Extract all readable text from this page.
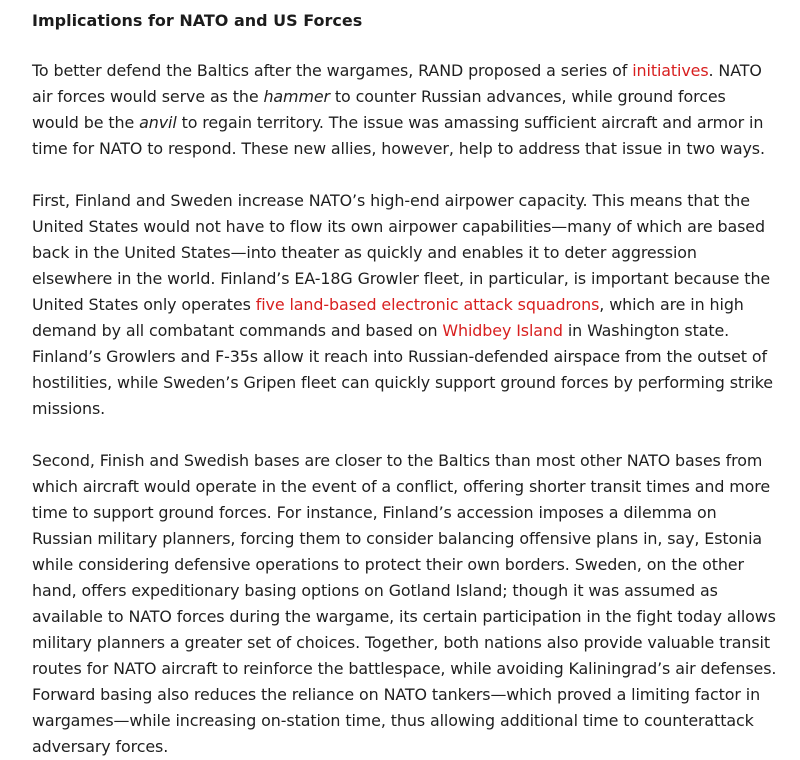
Implications for NATO and US Forces

To better defend the Baltics after the wargames, RAND proposed a series of initiatives. NATO air forces would serve as the hammer to counter Russian advances, while ground forces would be the anvil to regain territory. The issue was amassing sufficient aircraft and armor in time for NATO to respond. These new allies, however, help to address that issue in two ways.

First, Finland and Sweden increase NATO’s high-end airpower capacity. This means that the United States would not have to flow its own airpower capabilities—many of which are based back in the United States—into theater as quickly and enables it to deter aggression elsewhere in the world. Finland’s EA-18G Growler fleet, in particular, is important because the United States only operates five land-based electronic attack squadrons, which are in high demand by all combatant commands and based on Whidbey Island in Washington state. Finland’s Growlers and F-35s allow it reach into Russian-defended airspace from the outset of hostilities, while Sweden’s Gripen fleet can quickly support ground forces by performing strike missions.

Second, Finish and Swedish bases are closer to the Baltics than most other NATO bases from which aircraft would operate in the event of a conflict, offering shorter transit times and more time to support ground forces. For instance, Finland’s accession imposes a dilemma on Russian military planners, forcing them to consider balancing offensive plans in, say, Estonia while considering defensive operations to protect their own borders. Sweden, on the other hand, offers expeditionary basing options on Gotland Island; though it was assumed as available to NATO forces during the wargame, its certain participation in the fight today allows military planners a greater set of choices. Together, both nations also provide valuable transit routes for NATO aircraft to reinforce the battlespace, while avoiding Kaliningrad’s air defenses. Forward basing also reduces the reliance on NATO tankers—which proved a limiting factor in wargames—while increasing on-station time, thus allowing additional time to counterattack adversary forces.
